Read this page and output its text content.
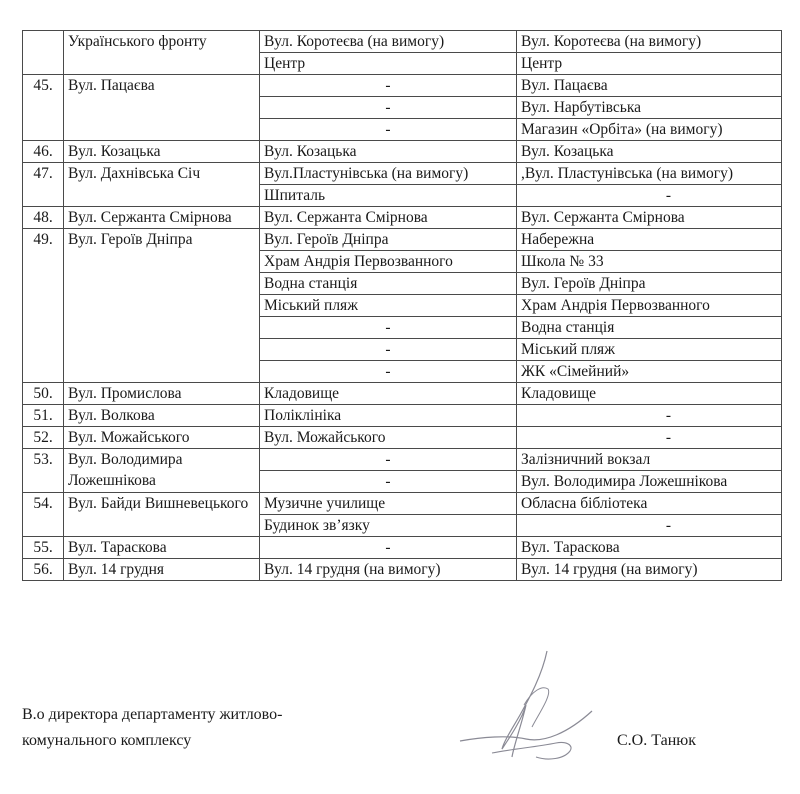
	Українського фронту	Вул. Коротеєва (на вимогу)	Вул. Коротеєва (на вимогу)
		Центр	Центр
45.	Вул. Пацаєва	-	Вул. Пацаєва
		-	Вул. Нарбутівська
		-	Магазин «Орбіта» (на вимогу)
46.	Вул. Козацька	Вул. Козацька	Вул. Козацька
47.	Вул. Дахнівська Січ	Вул.Пластунівська (на вимогу)	,Вул. Пластунівська (на вимогу)
		Шпиталь	-
48.	Вул. Сержанта Смірнова	Вул. Сержанта Смірнова	Вул. Сержанта Смірнова
49.	Вул. Героїв Дніпра	Вул. Героїв Дніпра	Набережна
		Храм Андрія Первозванного	Школа № 33
		Водна станція	Вул. Героїв Дніпра
		Міський пляж	Храм Андрія Первозванного
		-	Водна станція
		-	Міський пляж
		-	ЖК «Сімейний»
50.	Вул. Промислова	Кладовище	Кладовище
51.	Вул. Волкова	Поліклініка	-
52.	Вул. Можайського	Вул. Можайського	-
53.	Вул. Володимира Ложешнікова	-	Залізничний вокзал
		-	Вул. Володимира Ложешнікова
54.	Вул. Байди Вишневецького	Музичне училище	Обласна бібліотека
		Будинок зв’язку	-
55.	Вул. Тараскова	-	Вул. Тараскова
56.	Вул. 14 грудня	Вул. 14 грудня (на вимогу)	Вул. 14 грудня (на вимогу)
В.о директора департаменту житлово-
комунального комплексу	С.О. Танюк
